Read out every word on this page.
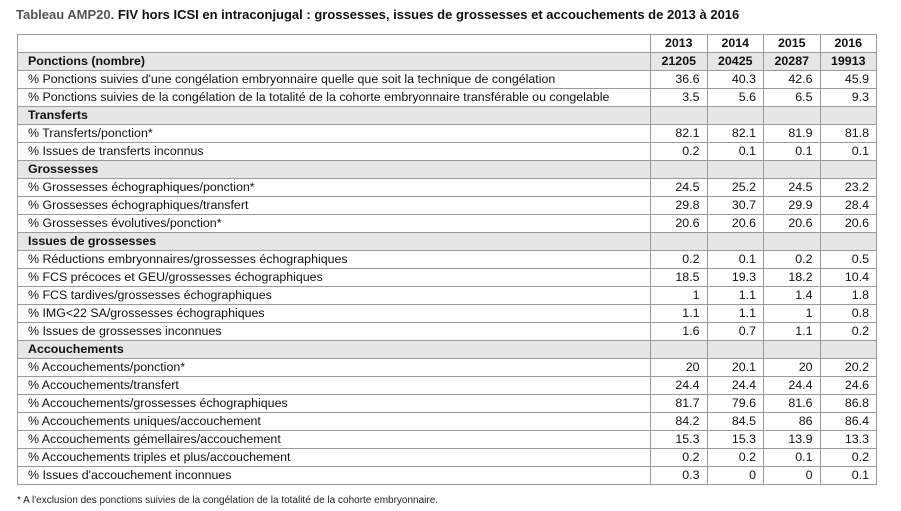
Tableau AMP20. FIV hors ICSI en intraconjugal : grossesses, issues de grossesses et accouchements de 2013 à 2016
	2013	2014	2015	2016
Ponctions (nombre)	21205	20425	20287	19913
% Ponctions suivies d'une congélation embryonnaire quelle que soit la technique de congélation	36.6	40.3	42.6	45.9
% Ponctions suivies de la congélation de la totalité de la cohorte embryonnaire transférable ou congelable	3.5	5.6	6.5	9.3
Transferts				
% Transferts/ponction*	82.1	82.1	81.9	81.8
% Issues de transferts inconnus	0.2	0.1	0.1	0.1
Grossesses				
% Grossesses échographiques/ponction*	24.5	25.2	24.5	23.2
% Grossesses échographiques/transfert	29.8	30.7	29.9	28.4
% Grossesses évolutives/ponction*	20.6	20.6	20.6	20.6
Issues de grossesses				
% Réductions embryonnaires/grossesses échographiques	0.2	0.1	0.2	0.5
% FCS précoces et GEU/grossesses échographiques	18.5	19.3	18.2	10.4
% FCS tardives/grossesses échographiques	1	1.1	1.4	1.8
% IMG<22 SA/grossesses échographiques	1.1	1.1	1	0.8
% Issues de grossesses inconnues	1.6	0.7	1.1	0.2
Accouchements				
% Accouchements/ponction*	20	20.1	20	20.2
% Accouchements/transfert	24.4	24.4	24.4	24.6
% Accouchements/grossesses échographiques	81.7	79.6	81.6	86.8
% Accouchements uniques/accouchement	84.2	84.5	86	86.4
% Accouchements gémellaires/accouchement	15.3	15.3	13.9	13.3
% Accouchements triples et plus/accouchement	0.2	0.2	0.1	0.2
% Issues d'accouchement inconnues	0.3	0	0	0.1
* A l'exclusion des ponctions suivies de la congélation de la totalité de la cohorte embryonnaire.
